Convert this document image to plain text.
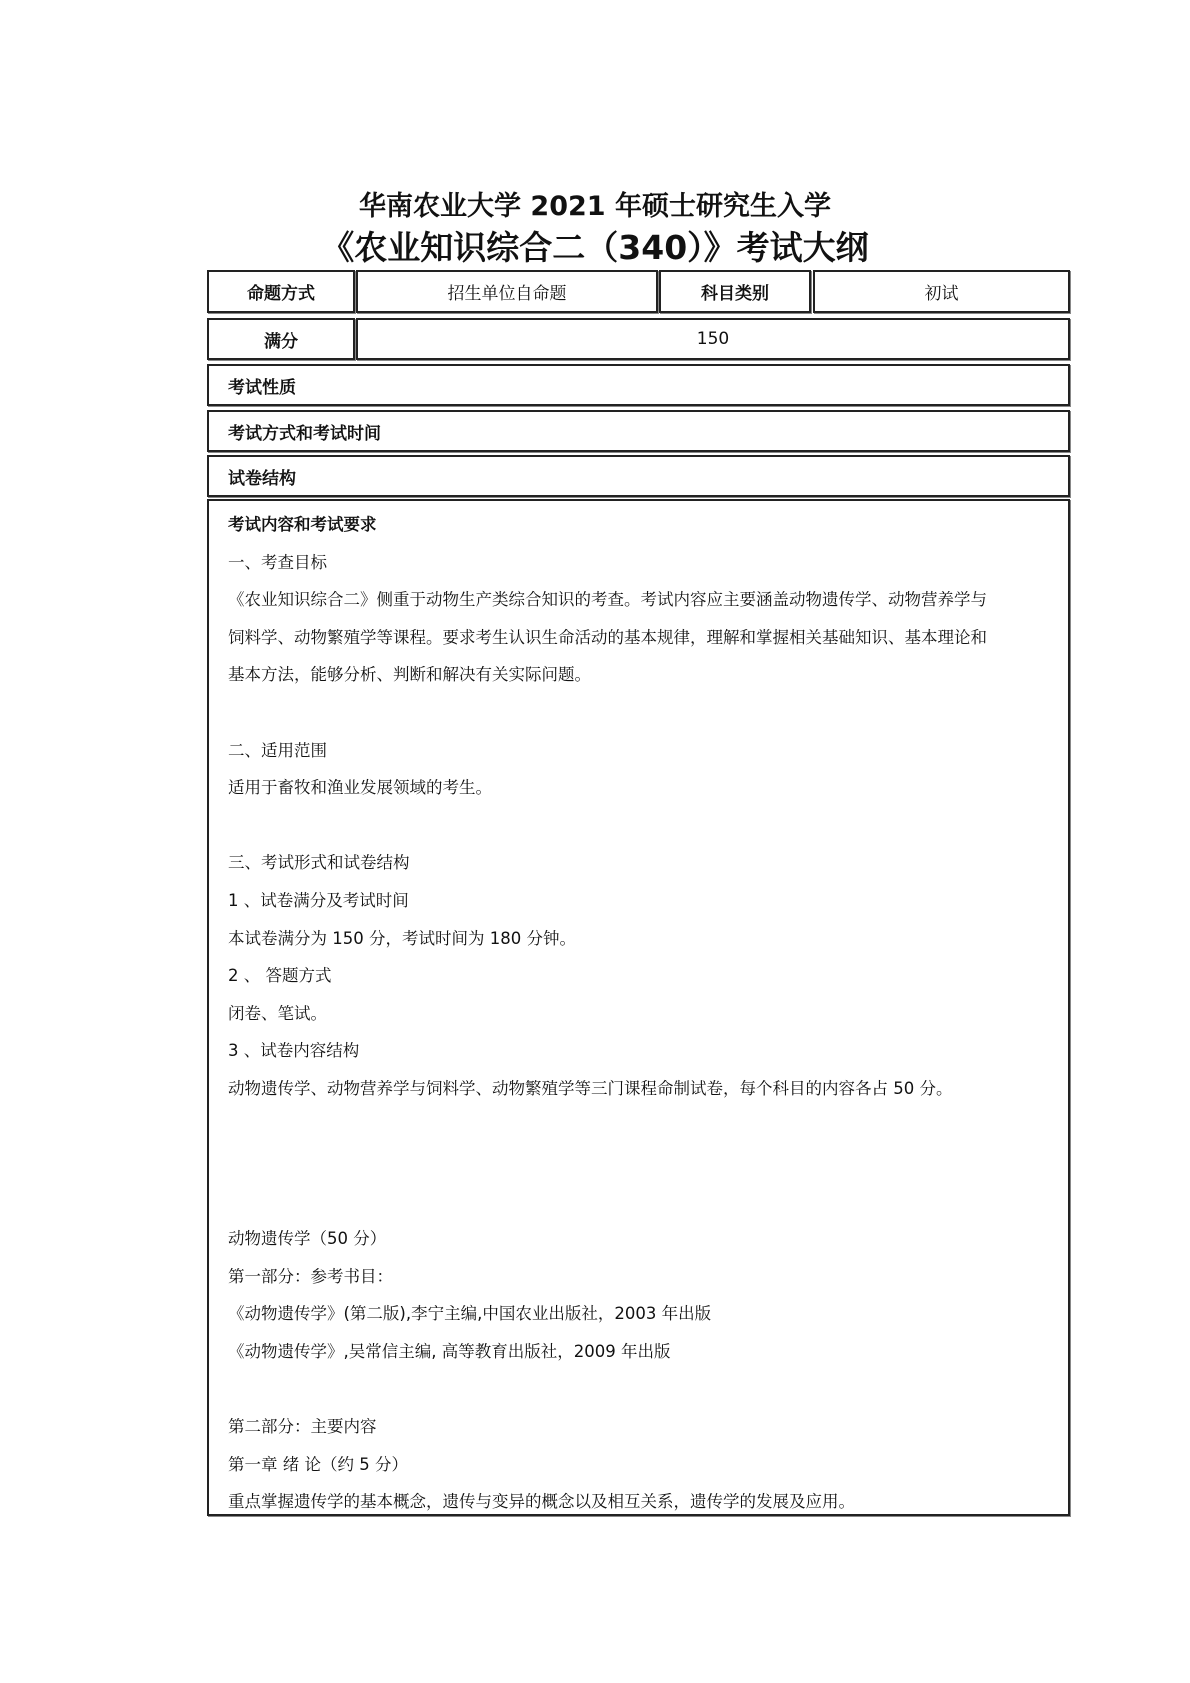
华南农业大学 2021 年硕士研究生入学
《农业知识综合二（340）》考试大纲
命题方式	招生单位自命题	科目类别	初试
满分	150
考试性质
考试方式和考试时间
试卷结构
考试内容和考试要求
一、考查目标
《农业知识综合二》侧重于动物生产类综合知识的考查。考试内容应主要涵盖动物遗传学、动物营养学与
饲料学、动物繁殖学等课程。要求考生认识生命活动的基本规律，理解和掌握相关基础知识、基本理论和
基本方法，能够分析、判断和解决有关实际问题。
二、适用范围
适用于畜牧和渔业发展领域的考生。
三、考试形式和试卷结构
1 、试卷满分及考试时间
本试卷满分为 150 分，考试时间为 180 分钟。
2 、 答题方式
闭卷、笔试。
3 、试卷内容结构
动物遗传学、动物营养学与饲料学、动物繁殖学等三门课程命制试卷，每个科目的内容各占 50 分。
动物遗传学（50 分）
第一部分：参考书目：
《动物遗传学》(第二版),李宁主编,中国农业出版社，2003 年出版
《动物遗传学》,吴常信主编, 高等教育出版社，2009 年出版
第二部分：主要内容
第一章 绪 论（约 5 分）
重点掌握遗传学的基本概念，遗传与变异的概念以及相互关系，遗传学的发展及应用。
